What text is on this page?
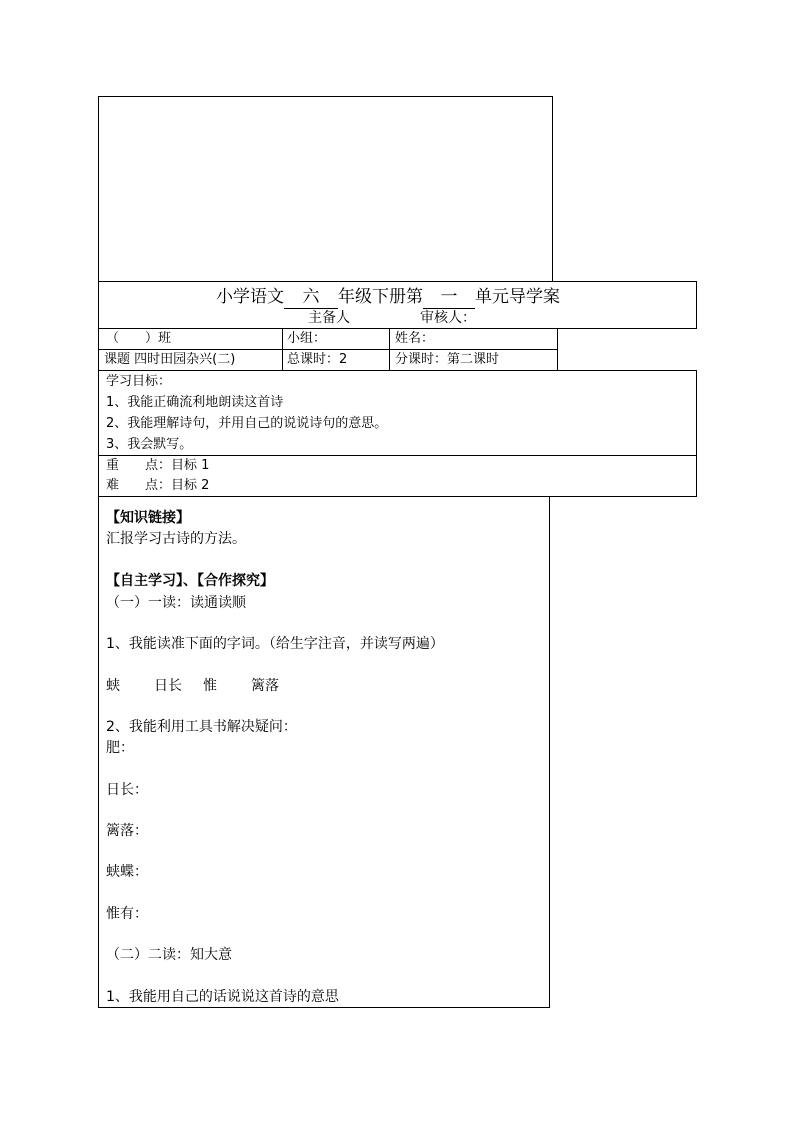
小学语文 六 年级下册第 一 单元导学案
主备人	审核人：
（　　）班	小组：	姓名：
课题 四时田园杂兴(二)	总课时：2	分课时：第二课时
学习目标：
1、我能正确流利地朗读这首诗
2、我能理解诗句，并用自己的说说诗句的意思。
3、我会默写。
重　　点：目标 1
难　　点：目标 2
【知识链接】
汇报学习古诗的方法。
【自主学习】、【合作探究】
（一）一读：读通读顺
1、我能读准下面的字词。（给生字注音，并读写两遍）
蛱 日长 惟 篱落
2、我能利用工具书解决疑问：
肥：
日长：
篱落：
蛱蝶：
惟有：
（二）二读：知大意
1、我能用自己的话说说这首诗的意思
